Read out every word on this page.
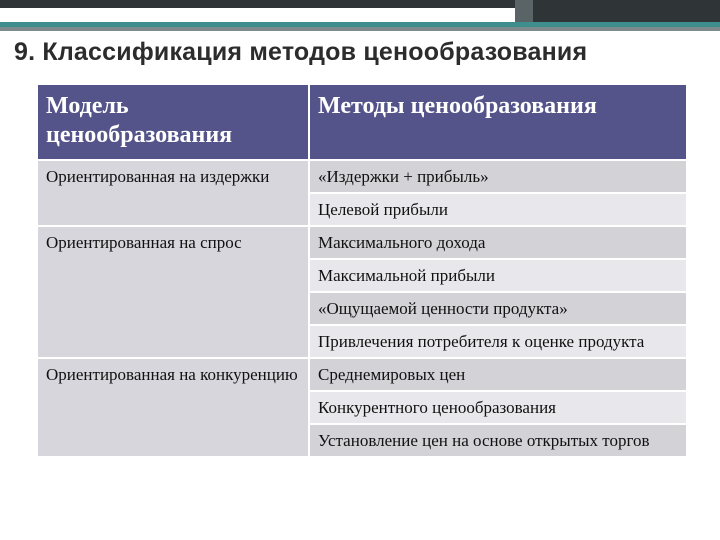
9. Классификация методов ценообразования
Модель ценообразования	Методы ценообразования
Ориентированная на издержки	«Издержки + прибыль»
	Целевой прибыли
Ориентированная на спрос	Максимального дохода
	Максимальной прибыли
	«Ощущаемой ценности продукта»
	Привлечения потребителя к оценке продукта
Ориентированная на конкуренцию	Среднемировых цен
	Конкурентного ценообразования
	Установление цен на основе открытых торгов
